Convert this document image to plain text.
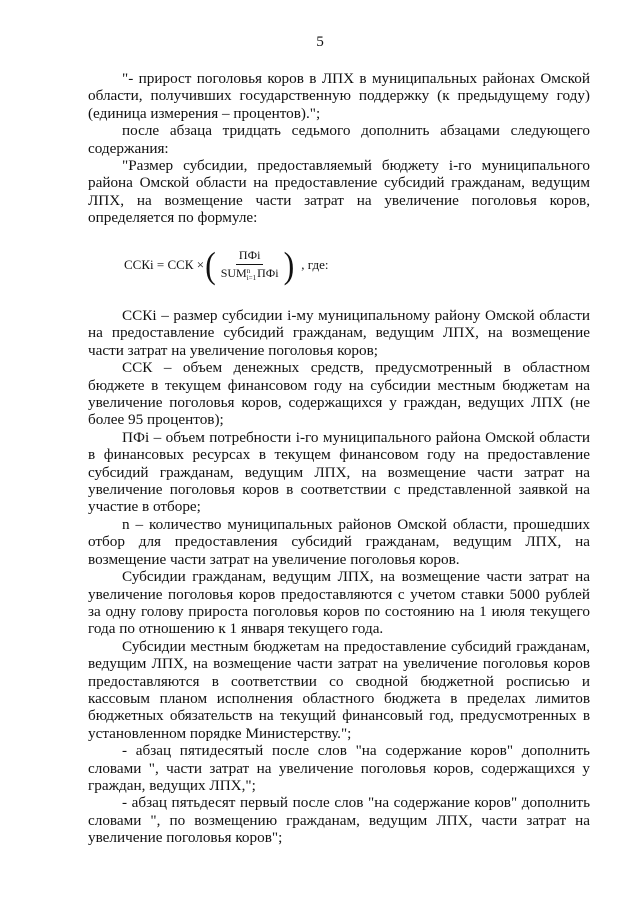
5

"- прирост поголовья коров в ЛПХ в муниципальных районах Омской области, получивших государственную поддержку (к предыдущему году) (единица измерения – процентов).";

после абзаца тридцать седьмого дополнить абзацами следующего содержания:

"Размер субсидии, предоставляемый бюджету i-го муниципального района Омской области на предоставление субсидий гражданам, ведущим ЛПХ, на возмещение части затрат на увеличение поголовья коров, определяется по формуле:

ССКi = ССК × ( ПФi
SUM n
i=1 ПФi ) , где:

ССКi – размер субсидии i-му муниципальному району Омской области на предоставление субсидий гражданам, ведущим ЛПХ, на возмещение части затрат на увеличение поголовья коров;

ССК – объем денежных средств, предусмотренный в областном бюджете в текущем финансовом году на субсидии местным бюджетам на увеличение поголовья коров, содержащихся у граждан, ведущих ЛПХ (не более 95 процентов);

ПФi – объем потребности i-го муниципального района Омской области в финансовых ресурсах в текущем финансовом году на предоставление субсидий гражданам, ведущим ЛПХ, на возмещение части затрат на увеличение поголовья коров в соответствии с представленной заявкой на участие в отборе;

n – количество муниципальных районов Омской области, прошедших отбор для предоставления субсидий гражданам, ведущим ЛПХ, на возмещение части затрат на увеличение поголовья коров.

Субсидии гражданам, ведущим ЛПХ, на возмещение части затрат на увеличение поголовья коров предоставляются с учетом ставки 5000 рублей за одну голову прироста поголовья коров по состоянию на 1 июля текущего года по отношению к 1 января текущего года.

Субсидии местным бюджетам на предоставление субсидий гражданам, ведущим ЛПХ, на возмещение части затрат на увеличение поголовья коров предоставляются в соответствии со сводной бюджетной росписью и кассовым планом исполнения областного бюджета в пределах лимитов бюджетных обязательств на текущий финансовый год, предусмотренных в установленном порядке Министерству.";

- абзац пятидесятый после слов "на содержание коров" дополнить словами ", части затрат на увеличение поголовья коров, содержащихся у граждан, ведущих ЛПХ,";

- абзац пятьдесят первый после слов "на содержание коров" дополнить словами ", по возмещению гражданам, ведущим ЛПХ, части затрат на увеличение поголовья коров";
